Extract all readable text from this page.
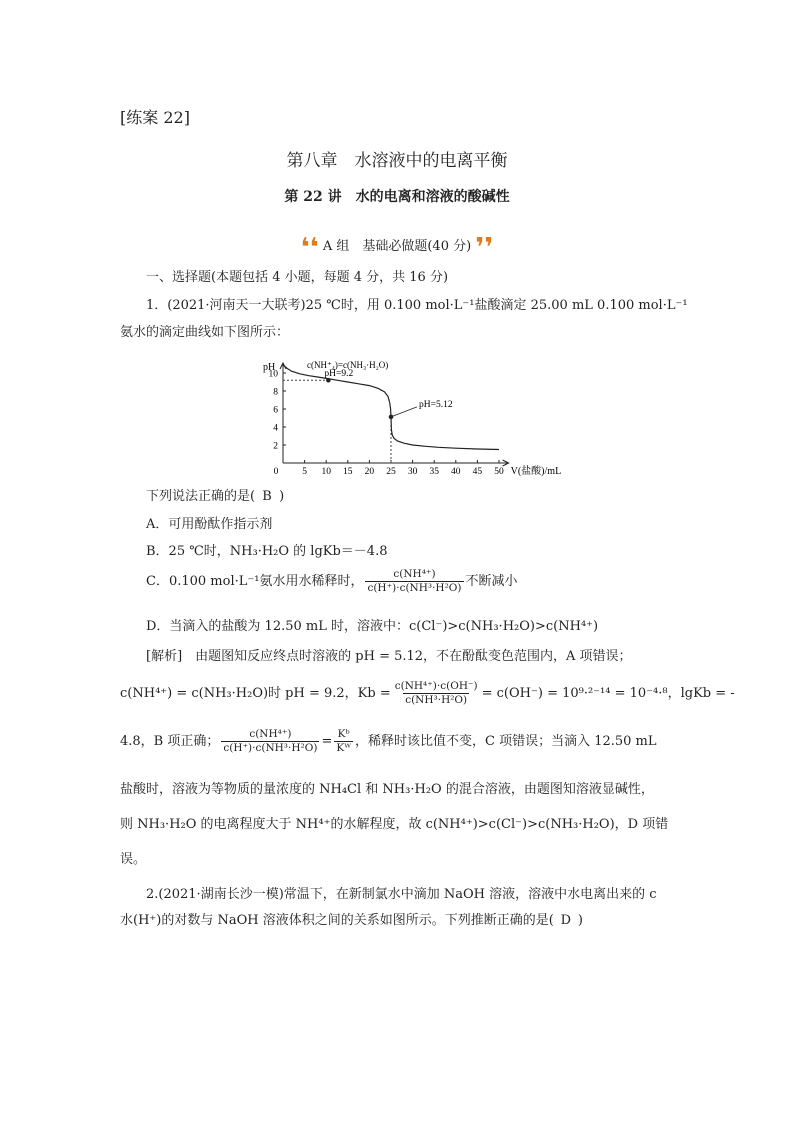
[练案 22]
第八章　水溶液中的电离平衡
第 22 讲　水的电离和溶液的酸碱性
❛❛ A 组　基础必做题(40 分) ❜❜
一、选择题(本题包括 4 小题，每题 4 分，共 16 分)
1．(2021·河南天一大联考)25 ℃时，用 0.100 mol·L⁻¹盐酸滴定 25.00 mL 0.100 mol·L⁻¹
氨水的滴定曲线如下图所示：
0	5 10 15 20 25 30 35 40 45 50
2
4
6
8
10
pH
V(盐酸)/mL
pH=9.2
pH=5.12
c(NH⁺₄)=c(NH₃·H₂O)
下列说法正确的是( B )
A．可用酚酞作指示剂
B．25 ℃时，NH₃·H₂O 的 lgKb＝－4.8
C．0.100 mol·L⁻¹氨水用水稀释时， $\frac{\text{c(NH⁴⁺)}}{\text{c(H⁺)·c(NH³·H²O)}}$ 不断减小
D．当滴入的盐酸为 12.50 mL 时，溶液中：c(Cl⁻)>c(NH₃·H₂O)>c(NH⁴⁺)
[解析]　由题图知反应终点时溶液的 pH = 5.12，不在酚酞变色范围内，A 项错误；
c(NH⁴⁺) = c(NH₃·H₂O)时 pH = 9.2，$Kb = \frac{\text{c(NH⁴⁺)·c(OH⁻)}}{\text{c(NH³·H²O)}} = c(OH^-) = 10^9\cdot^{2-14} = 10^{-4}\cdot^8$，lgKb = -
4.8，B 项正确； $\frac{\text{c(NH⁴⁺)}}{\text{c(H⁺)·c(NH³·H²O)}} = \frac{\text{Kᵇ}}{\text{Kᵂ}}$ ，稀释时该比值不变，C 项错误；当滴入 12.50 mL
盐酸时，溶液为等物质的量浓度的 NH₄Cl 和 NH₃·H₂O 的混合溶液，由题图知溶液显碱性，
则 NH₃·H₂O 的电离程度大于 NH⁴⁺的水解程度，故 c(NH⁴⁺)>c(Cl⁻)>c(NH₃·H₂O)，D 项错
误。
2.(2021·湖南长沙一模)常温下，在新制氯水中滴加 NaOH 溶液，溶液中水电离出来的 c
水(H⁺)的对数与 NaOH 溶液体积之间的关系如图所示。下列推断正确的是( D )
